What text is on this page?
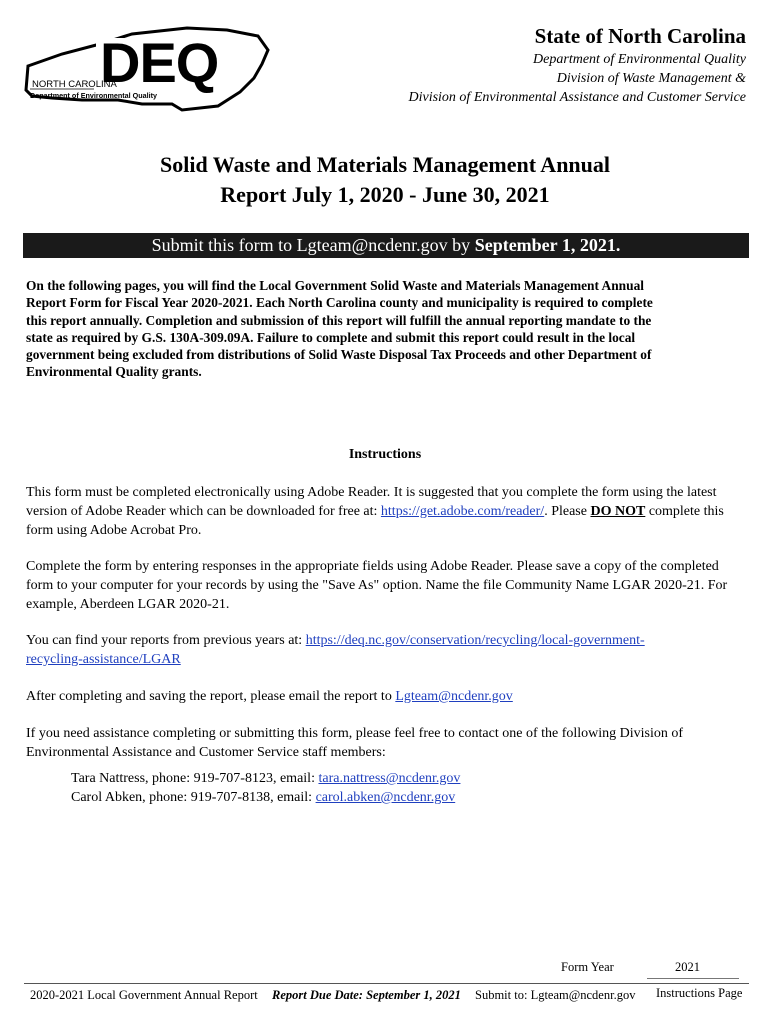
DEQ
NORTH CAROLINA
Department of Environmental Quality
State of North Carolina
Department of Environmental Quality
Division of Waste Management &
Division of Environmental Assistance and Customer Service
Solid Waste and Materials Management Annual
Report July 1, 2020 - June 30, 2021
Submit this form to Lgteam@ncdenr.gov by September 1, 2021.
On the following pages, you will find the Local Government Solid Waste and Materials Management Annual
Report Form for Fiscal Year 2020-2021. Each North Carolina county and municipality is required to complete
this report annually. Completion and submission of this report will fulfill the annual reporting mandate to the
state as required by G.S. 130A-309.09A. Failure to complete and submit this report could result in the local
government being excluded from distributions of Solid Waste Disposal Tax Proceeds and other Department of
Environmental Quality grants.
Instructions
This form must be completed electronically using Adobe Reader. It is suggested that you complete the form using the latest version of Adobe Reader which can be downloaded for free at: https://get.adobe.com/reader/. Please DO NOT complete this form using Adobe Acrobat Pro.
Complete the form by entering responses in the appropriate fields using Adobe Reader. Please save a copy of the completed form to your computer for your records by using the "Save As" option. Name the file Community Name LGAR 2020-21. For example, Aberdeen LGAR 2020-21.
You can find your reports from previous years at: https://deq.nc.gov/conservation/recycling/local-government-
recycling-assistance/LGAR
After completing and saving the report, please email the report to Lgteam@ncdenr.gov
If you need assistance completing or submitting this form, please feel free to contact one of the following Division of Environmental Assistance and Customer Service staff members:
Tara Nattress, phone: 919-707-8123, email: tara.nattress@ncdenr.gov
Carol Abken, phone: 919-707-8138, email: carol.abken@ncdenr.gov
Form Year	2021
2020-2021 Local Government Annual Report Report Due Date: September 1, 2021 Submit to: Lgteam@ncdenr.gov Instructions Page
